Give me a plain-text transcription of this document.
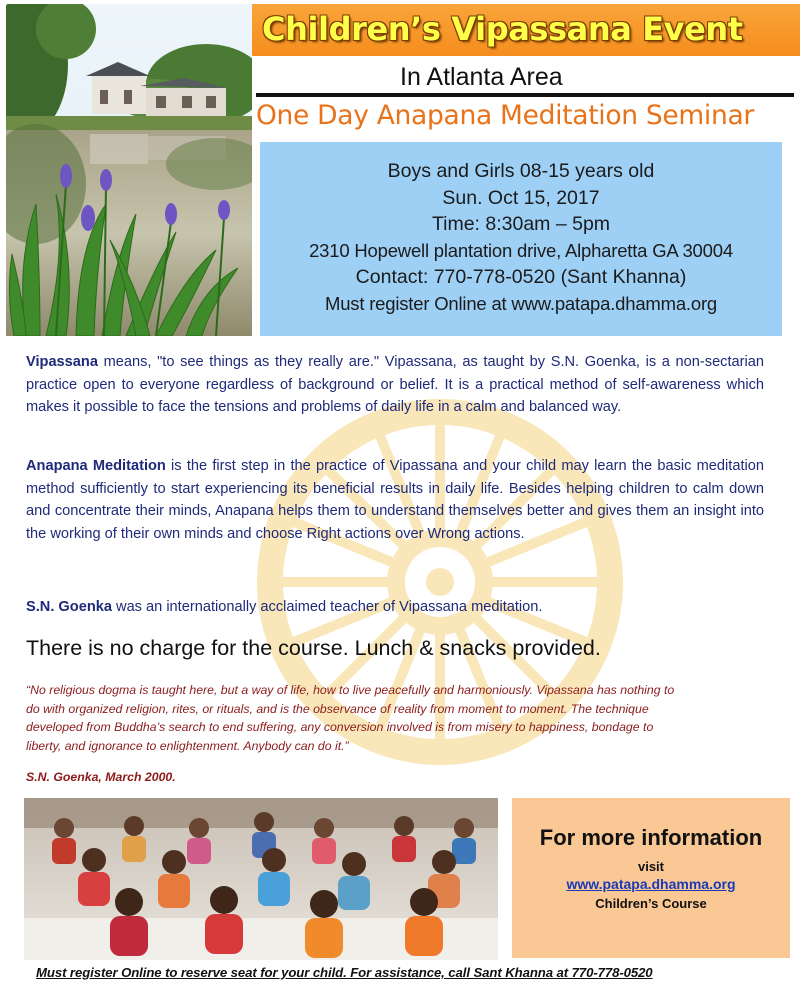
Children’s Vipassana Event
In Atlanta Area
One Day Anapana Meditation Seminar
Boys and Girls 08-15 years old
Sun. Oct 15, 2017
Time: 8:30am – 5pm
2310 Hopewell plantation drive, Alpharetta GA 30004
Contact: 770-778-0520 (Sant Khanna)
Must register Online at www.patapa.dhamma.org
Vipassana means, "to see things as they really are." Vipassana, as taught by S.N. Goenka, is a non-sectarian practice open to everyone regardless of background or belief. It is a practical method of self-awareness which makes it possible to face the tensions and problems of daily life in a calm and balanced way.
Anapana Meditation is the first step in the practice of Vipassana and your child may learn the basic meditation method sufficiently to start experiencing its beneficial results in daily life. Besides helping children to calm down and concentrate their minds, Anapana helps them to understand themselves better and gives them an insight into the working of their own minds and choose Right actions over Wrong actions.
S.N. Goenka was an internationally acclaimed teacher of Vipassana meditation.
There is no charge for the course. Lunch & snacks provided.
“No religious dogma is taught here, but a way of life, how to live peacefully and harmoniously. Vipassana has nothing to do with organized religion, rites, or rituals, and is the observance of reality from moment to moment. The technique developed from Buddha’s search to end suffering, any conversion involved is from misery to happiness, bondage to liberty, and ignorance to enlightenment. Anybody can do it.”
S.N. Goenka, March 2000.
For more information
visit
www.patapa.dhamma.org
Children’s Course
Must register Online to reserve seat for your child. For assistance, call Sant Khanna at 770-778-0520
